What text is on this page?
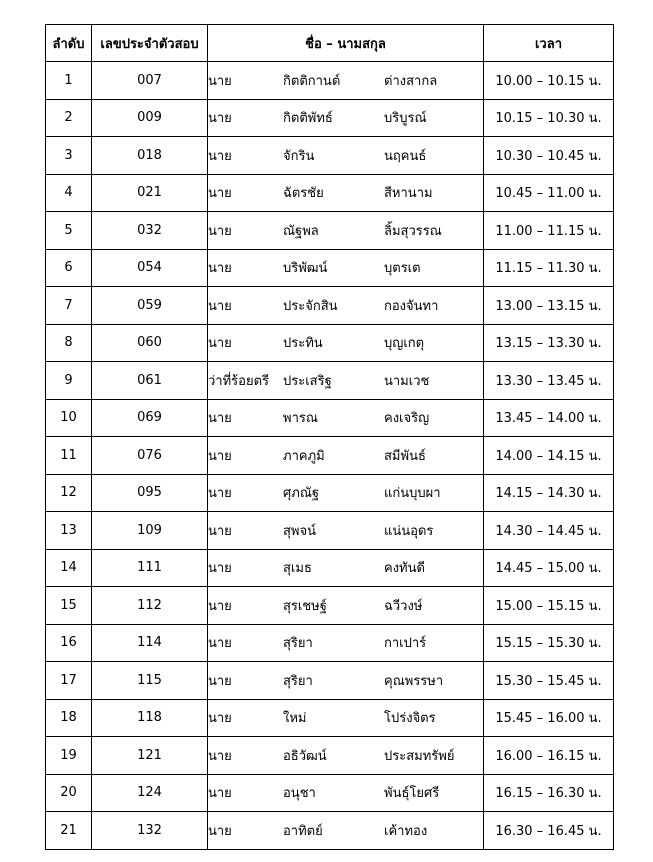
ลำดับ	เลขประจำตัวสอบ	ชื่อ – นามสกุล	เวลา
1	007	นาย กิตติกานต์ ต่างสากล	10.00 – 10.15 น.
2	009	นาย กิตติพัทธ์ บริบูรณ์	10.15 – 10.30 น.
3	018	นาย จักริน นฤคนธ์	10.30 – 10.45 น.
4	021	นาย ฉัตรชัย สีหานาม	10.45 – 11.00 น.
5	032	นาย ณัฐพล ลิ้มสุวรรณ	11.00 – 11.15 น.
6	054	นาย บริพัฒน์ บุตรเต	11.15 – 11.30 น.
7	059	นาย ประจักสิน กองจันทา	13.00 – 13.15 น.
8	060	นาย ประทิน บุญเกตุ	13.15 – 13.30 น.
9	061	ว่าที่ร้อยตรี ประเสริฐ นามเวช	13.30 – 13.45 น.
10	069	นาย พารณ คงเจริญ	13.45 – 14.00 น.
11	076	นาย ภาคภูมิ สมีพันธ์	14.00 – 14.15 น.
12	095	นาย ศุภณัฐ แก่นบุบผา	14.15 – 14.30 น.
13	109	นาย สุพจน์ แน่นอุดร	14.30 – 14.45 น.
14	111	นาย สุเมธ คงทันดี	14.45 – 15.00 น.
15	112	นาย สุรเชษฐ์ ฉวีวงษ์	15.00 – 15.15 น.
16	114	นาย สุริยา กาเปาร์	15.15 – 15.30 น.
17	115	นาย สุริยา คุณพรรษา	15.30 – 15.45 น.
18	118	นาย ใหม่ โปร่งจิตร	15.45 – 16.00 น.
19	121	นาย อธิวัฒน์ ประสมทรัพย์	16.00 – 16.15 น.
20	124	นาย อนุชา พันธุ์โยศรี	16.15 – 16.30 น.
21	132	นาย อาทิตย์ เค้าทอง	16.30 – 16.45 น.
